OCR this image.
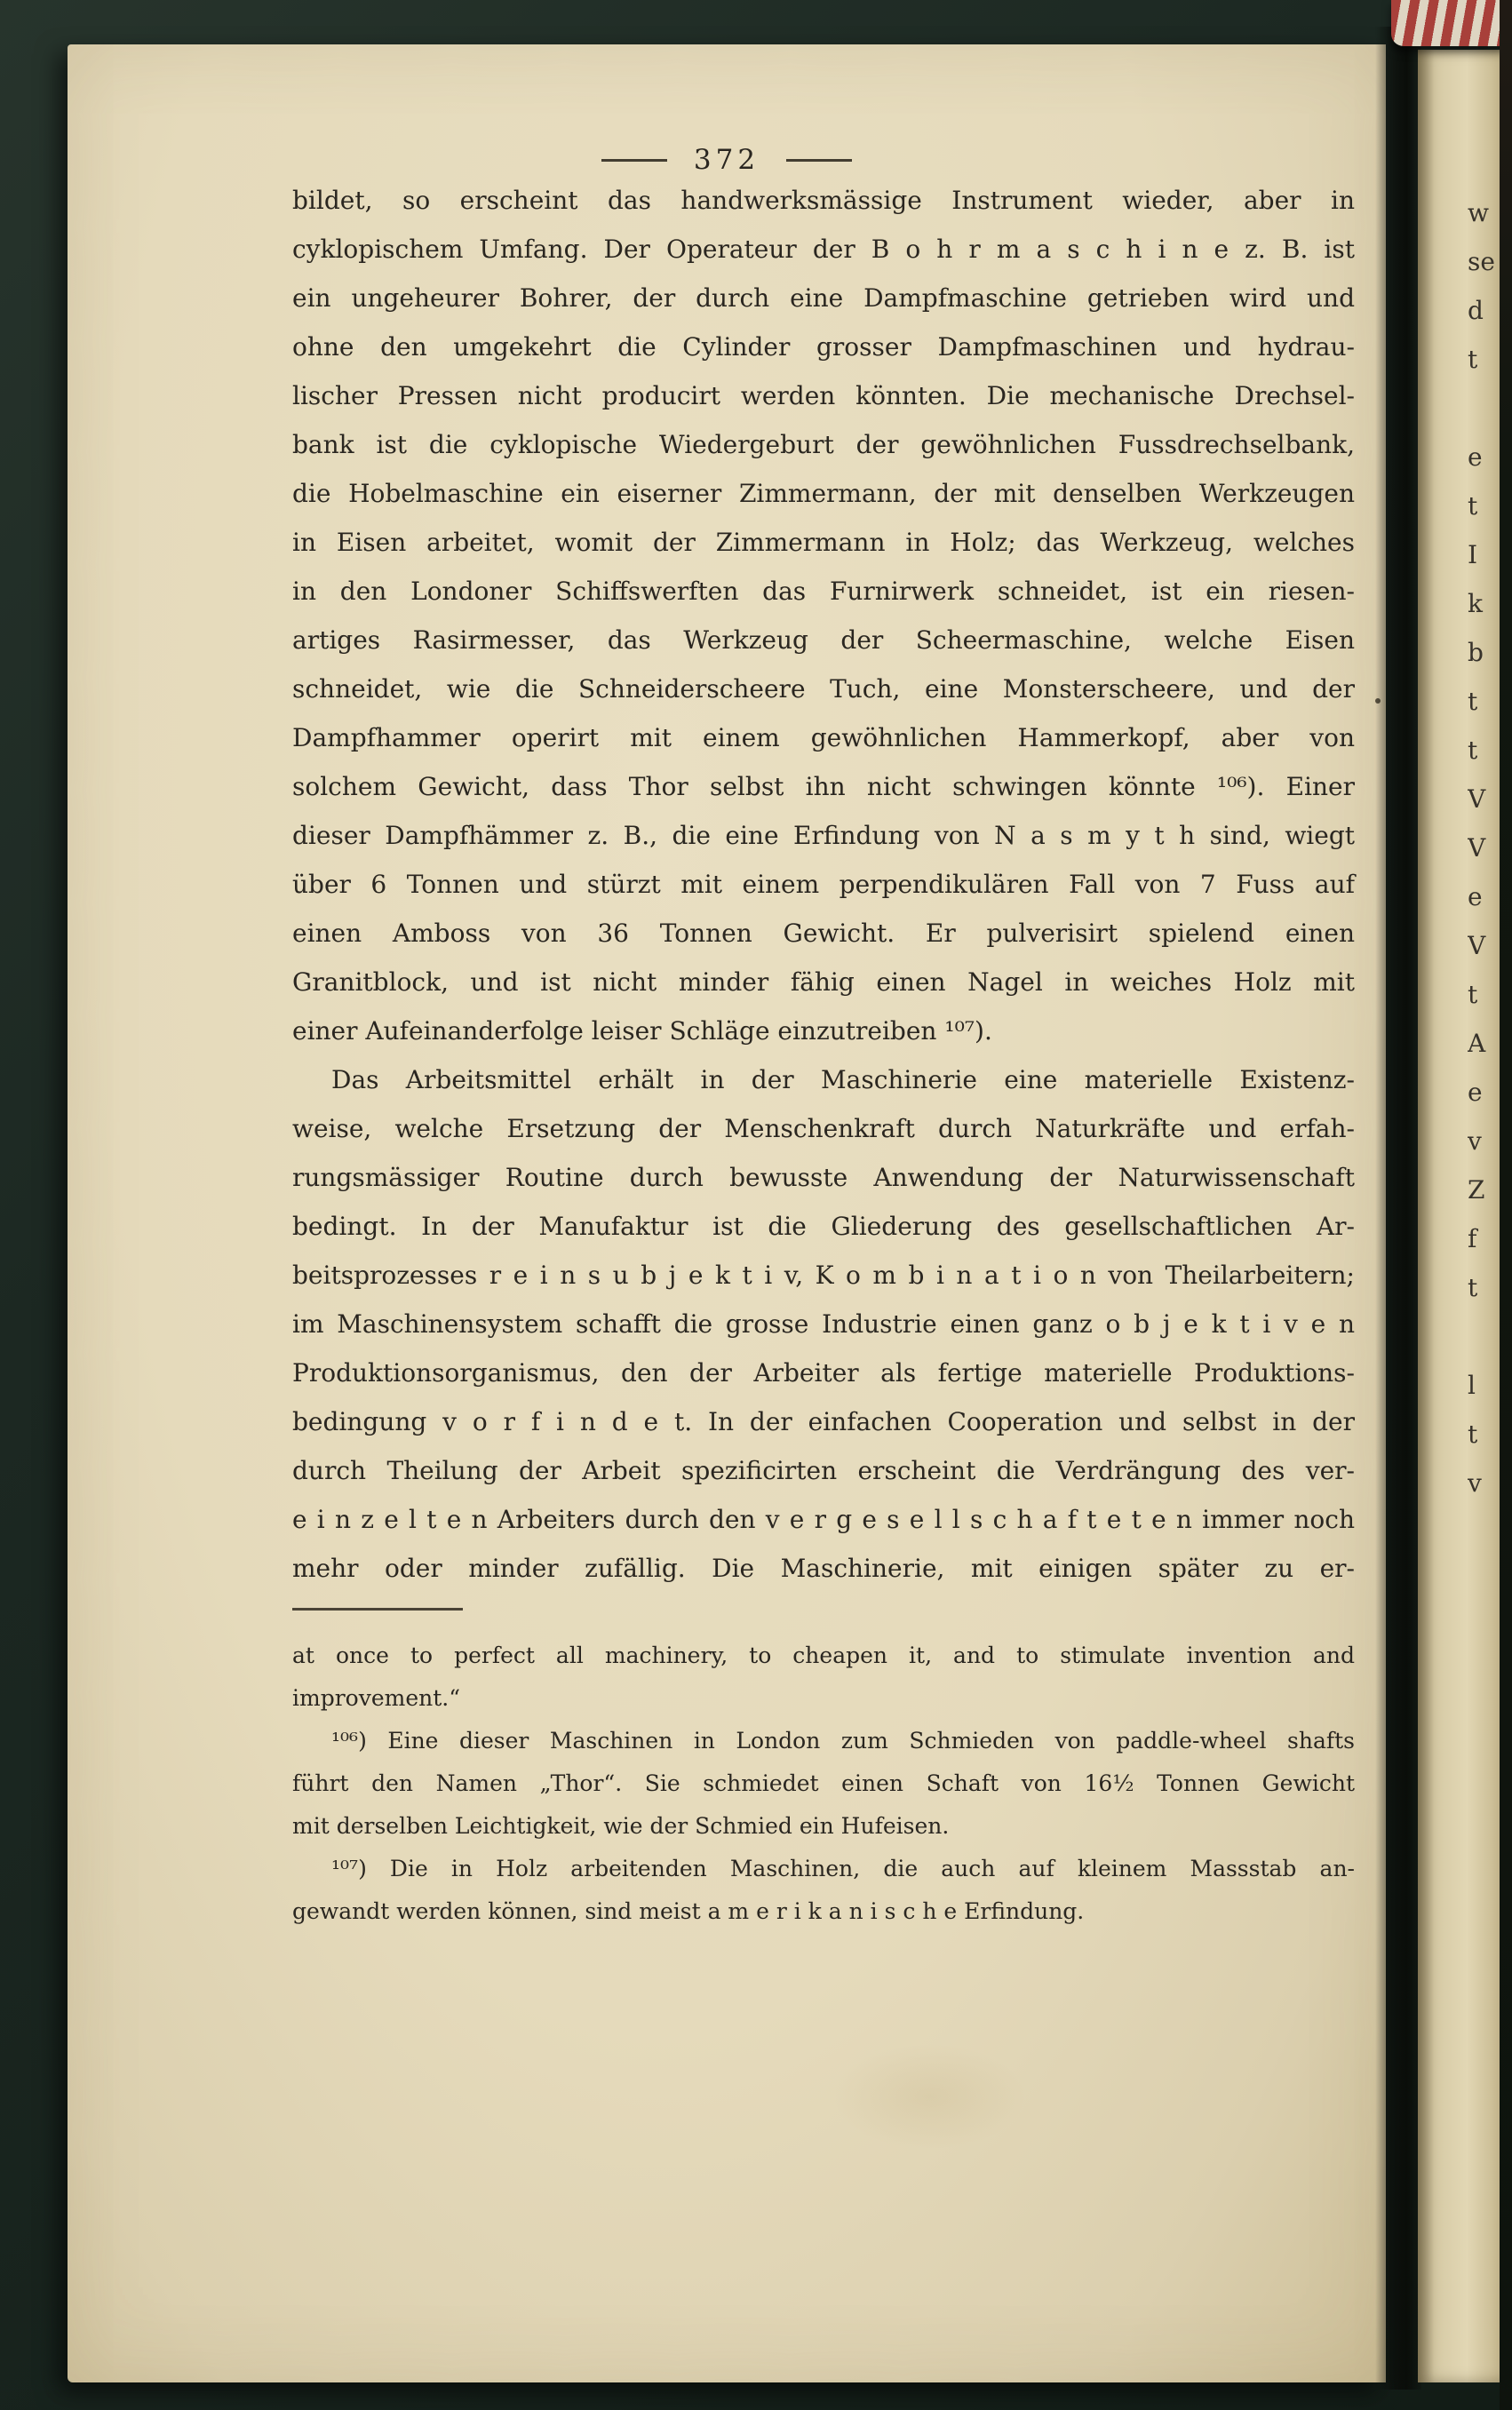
372
bildet, so erscheint das handwerksmässige Instrument wieder, aber in
cyklopischem Umfang. Der Operateur der B o h r m a s c h i n e z. B. ist
ein ungeheurer Bohrer, der durch eine Dampfmaschine getrieben wird und
ohne den umgekehrt die Cylinder grosser Dampfmaschinen und hydrau-
lischer Pressen nicht producirt werden könnten. Die mechanische Drechsel-
bank ist die cyklopische Wiedergeburt der gewöhnlichen Fussdrechselbank,
die Hobelmaschine ein eiserner Zimmermann, der mit denselben Werkzeugen
in Eisen arbeitet, womit der Zimmermann in Holz; das Werkzeug, welches
in den Londoner Schiffswerften das Furnirwerk schneidet, ist ein riesen-
artiges Rasirmesser, das Werkzeug der Scheermaschine, welche Eisen
schneidet, wie die Schneiderscheere Tuch, eine Monsterscheere, und der
Dampfhammer operirt mit einem gewöhnlichen Hammerkopf, aber von
solchem Gewicht, dass Thor selbst ihn nicht schwingen könnte ¹⁰⁶). Einer
dieser Dampfhämmer z. B., die eine Erfindung von N a s m y t h sind, wiegt
über 6 Tonnen und stürzt mit einem perpendikulären Fall von 7 Fuss auf
einen Amboss von 36 Tonnen Gewicht. Er pulverisirt spielend einen
Granitblock, und ist nicht minder fähig einen Nagel in weiches Holz mit
einer Aufeinanderfolge leiser Schläge einzutreiben ¹⁰⁷).
Das Arbeitsmittel erhält in der Maschinerie eine materielle Existenz-
weise, welche Ersetzung der Menschenkraft durch Naturkräfte und erfah-
rungsmässiger Routine durch bewusste Anwendung der Naturwissenschaft
bedingt. In der Manufaktur ist die Gliederung des gesellschaftlichen Ar-
beitsprozesses r e i n s u b j e k t i v, K o m b i n a t i o n von Theilarbeitern;
im Maschinensystem schafft die grosse Industrie einen ganz o b j e k t i v e n
Produktionsorganismus, den der Arbeiter als fertige materielle Produktions-
bedingung v o r f i n d e t. In der einfachen Cooperation und selbst in der
durch Theilung der Arbeit spezificirten erscheint die Verdrängung des ver-
e i n z e l t e n Arbeiters durch den v e r g e s e l l s c h a f t e t e n immer noch
mehr oder minder zufällig. Die Maschinerie, mit einigen später zu er-
at once to perfect all machinery, to cheapen it, and to stimulate invention and
improvement.“
¹⁰⁶) Eine dieser Maschinen in London zum Schmieden von paddle-wheel shafts
führt den Namen „Thor“. Sie schmiedet einen Schaft von 16½ Tonnen Gewicht
mit derselben Leichtigkeit, wie der Schmied ein Hufeisen.
¹⁰⁷) Die in Holz arbeitenden Maschinen, die auch auf kleinem Massstab an-
gewandt werden können, sind meist a m e r i k a n i s c h e Erfindung.
w
se
d
t
e
t
I
k
b
t
t
V
V
e
V
t
A
e
v
Z
f
t
l
t
v
